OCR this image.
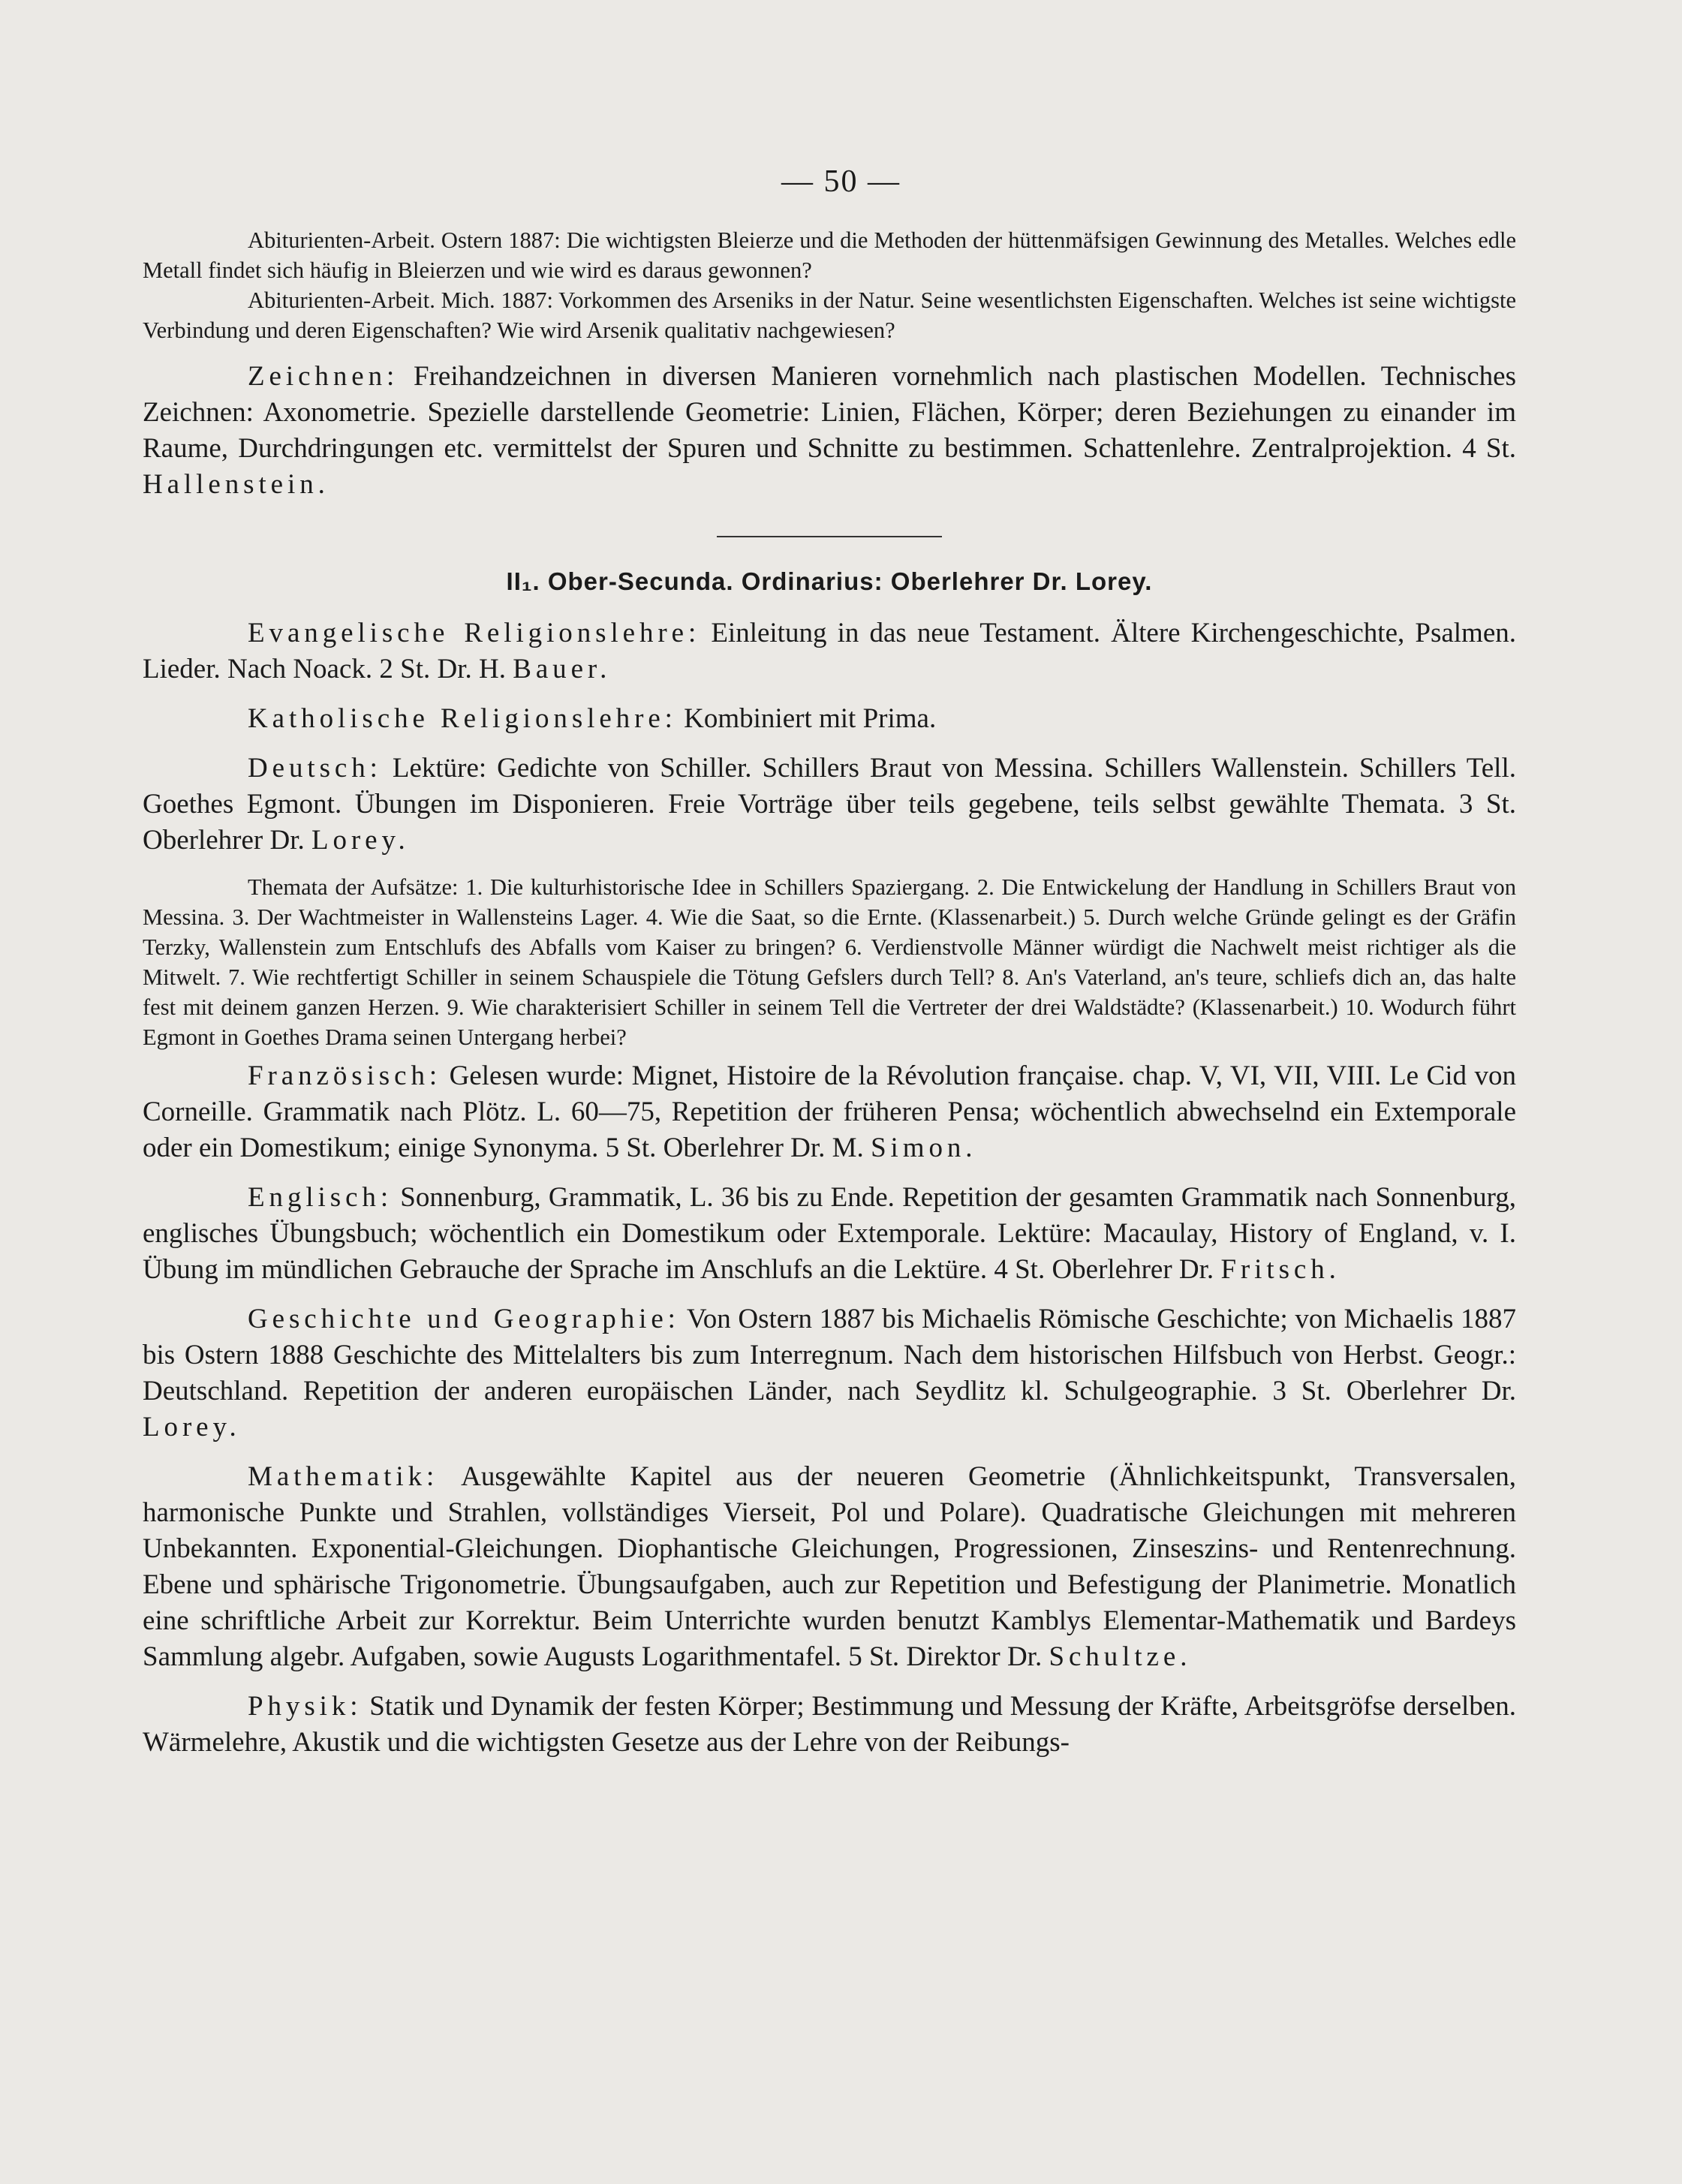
— 50 —

Abiturienten-Arbeit. Ostern 1887: Die wichtigsten Bleierze und die Methoden der hüttenmäfsigen Gewinnung des Metalles. Welches edle Metall findet sich häufig in Bleierzen und wie wird es daraus gewonnen?

Abiturienten-Arbeit. Mich. 1887: Vorkommen des Arseniks in der Natur. Seine wesentlichsten Eigenschaften. Welches ist seine wichtigste Verbindung und deren Eigenschaften? Wie wird Arsenik qualitativ nachgewiesen?

Zeichnen: Freihandzeichnen in diversen Manieren vornehmlich nach plastischen Modellen. Technisches Zeichnen: Axonometrie. Spezielle darstellende Geometrie: Linien, Flächen, Körper; deren Beziehungen zu einander im Raume, Durchdringungen etc. vermittelst der Spuren und Schnitte zu bestimmen. Schattenlehre. Zentralprojektion. 4 St. Hallenstein.

II₁. Ober-Secunda. Ordinarius: Oberlehrer Dr. Lorey.

Evangelische Religionslehre: Einleitung in das neue Testament. Ältere Kirchengeschichte, Psalmen. Lieder. Nach Noack. 2 St. Dr. H. Bauer.

Katholische Religionslehre: Kombiniert mit Prima.

Deutsch: Lektüre: Gedichte von Schiller. Schillers Braut von Messina. Schillers Wallenstein. Schillers Tell. Goethes Egmont. Übungen im Disponieren. Freie Vorträge über teils gegebene, teils selbst gewählte Themata. 3 St. Oberlehrer Dr. Lorey.

Themata der Aufsätze: 1. Die kulturhistorische Idee in Schillers Spaziergang. 2. Die Entwickelung der Handlung in Schillers Braut von Messina. 3. Der Wachtmeister in Wallensteins Lager. 4. Wie die Saat, so die Ernte. (Klassenarbeit.) 5. Durch welche Gründe gelingt es der Gräfin Terzky, Wallenstein zum Entschlufs des Abfalls vom Kaiser zu bringen? 6. Verdienstvolle Männer würdigt die Nachwelt meist richtiger als die Mitwelt. 7. Wie rechtfertigt Schiller in seinem Schauspiele die Tötung Gefslers durch Tell? 8. An's Vaterland, an's teure, schliefs dich an, das halte fest mit deinem ganzen Herzen. 9. Wie charakterisiert Schiller in seinem Tell die Vertreter der drei Waldstädte? (Klassenarbeit.) 10. Wodurch führt Egmont in Goethes Drama seinen Untergang herbei?

Französisch: Gelesen wurde: Mignet, Histoire de la Révolution française. chap. V, VI, VII, VIII. Le Cid von Corneille. Grammatik nach Plötz. L. 60—75, Repetition der früheren Pensa; wöchentlich abwechselnd ein Extemporale oder ein Domestikum; einige Synonyma. 5 St. Oberlehrer Dr. M. Simon.

Englisch: Sonnenburg, Grammatik, L. 36 bis zu Ende. Repetition der gesamten Grammatik nach Sonnenburg, englisches Übungsbuch; wöchentlich ein Domestikum oder Extemporale. Lektüre: Macaulay, History of England, v. I. Übung im mündlichen Gebrauche der Sprache im Anschlufs an die Lektüre. 4 St. Oberlehrer Dr. Fritsch.

Geschichte und Geographie: Von Ostern 1887 bis Michaelis Römische Geschichte; von Michaelis 1887 bis Ostern 1888 Geschichte des Mittelalters bis zum Interregnum. Nach dem historischen Hilfsbuch von Herbst. Geogr.: Deutschland. Repetition der anderen europäischen Länder, nach Seydlitz kl. Schulgeographie. 3 St. Oberlehrer Dr. Lorey.

Mathematik: Ausgewählte Kapitel aus der neueren Geometrie (Ähnlichkeitspunkt, Transversalen, harmonische Punkte und Strahlen, vollständiges Vierseit, Pol und Polare). Quadratische Gleichungen mit mehreren Unbekannten. Exponential-Gleichungen. Diophantische Gleichungen, Progressionen, Zinseszins- und Rentenrechnung. Ebene und sphärische Trigonometrie. Übungsaufgaben, auch zur Repetition und Befestigung der Planimetrie. Monatlich eine schriftliche Arbeit zur Korrektur. Beim Unterrichte wurden benutzt Kamblys Elementar-Mathematik und Bardeys Sammlung algebr. Aufgaben, sowie Augusts Logarithmentafel. 5 St. Direktor Dr. Schultze.

Physik: Statik und Dynamik der festen Körper; Bestimmung und Messung der Kräfte, Arbeitsgröfse derselben. Wärmelehre, Akustik und die wichtigsten Gesetze aus der Lehre von der Reibungs-
